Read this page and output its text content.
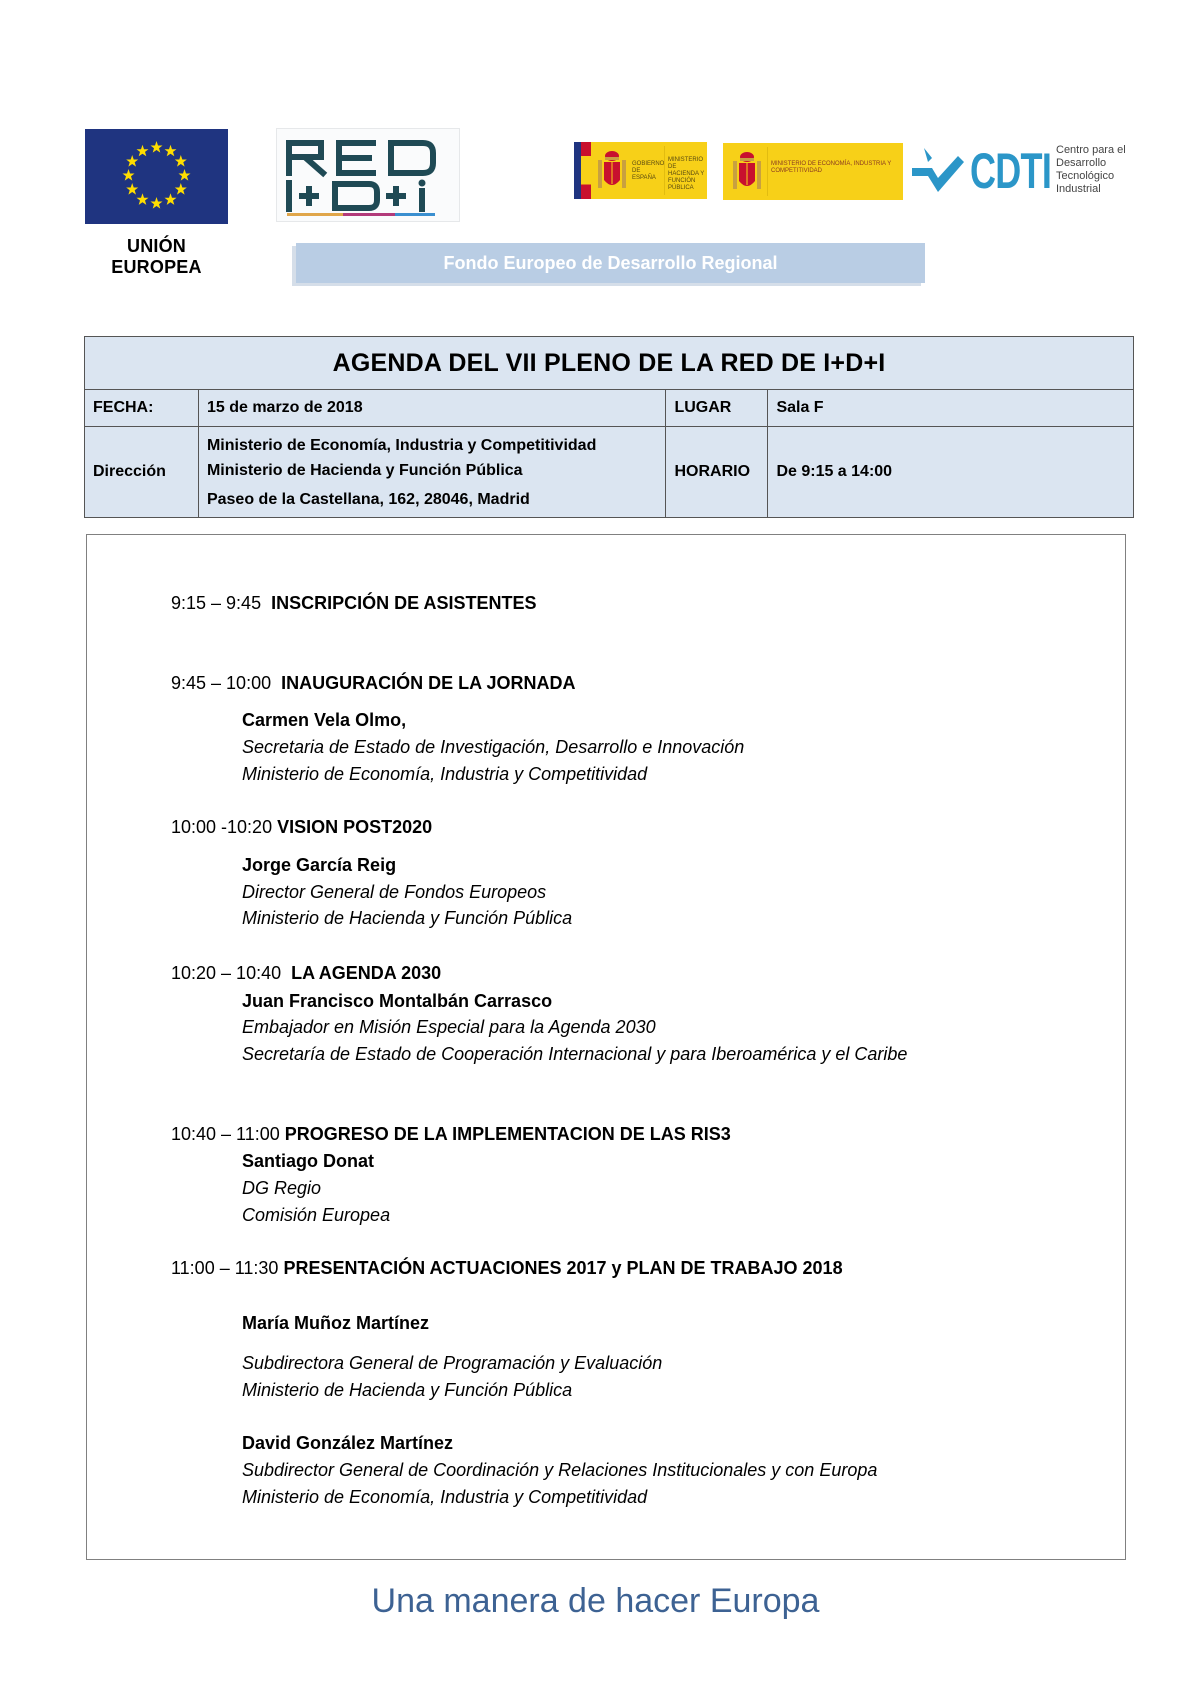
UNIÓN EUROPEA	Fondo Europeo de Desarrollo Regional
GOBIERNO DE ESPAÑA
MINISTERIO DE HACIENDA Y FUNCIÓN PÚBLICA
MINISTERIO DE ECONOMÍA, INDUSTRIA Y COMPETITIVIDAD	CDTI Centro para el
Desarrollo
Tecnológico
Industrial
AGENDA DEL VII PLENO DE LA RED DE I+D+I			
FECHA:	15 de marzo de 2018	LUGAR	Sala F
Dirección	Ministerio de Economía, Industria y Competitividad
Ministerio de Hacienda y Función Pública
Paseo de la Castellana, 162, 28046, Madrid	HORARIO	De 9:15 a 14:00
9:15 – 9:45 INSCRIPCIÓN DE ASISTENTES
9:45 – 10:00 INAUGURACIÓN DE LA JORNADA
Carmen Vela Olmo,
Secretaria de Estado de Investigación, Desarrollo e Innovación
Ministerio de Economía, Industria y Competitividad
10:00 -10:20 VISION POST2020
Jorge García Reig
Director General de Fondos Europeos
Ministerio de Hacienda y Función Pública
10:20 – 10:40 LA AGENDA 2030
Juan Francisco Montalbán Carrasco
Embajador en Misión Especial para la Agenda 2030
Secretaría de Estado de Cooperación Internacional y para Iberoamérica y el Caribe
10:40 – 11:00 PROGRESO DE LA IMPLEMENTACION DE LAS RIS3
Santiago Donat
DG Regio
Comisión Europea
11:00 – 11:30 PRESENTACIÓN ACTUACIONES 2017 y PLAN DE TRABAJO 2018
María Muñoz Martínez
Subdirectora General de Programación y Evaluación
Ministerio de Hacienda y Función Pública
David González Martínez
Subdirector General de Coordinación y Relaciones Institucionales y con Europa
Ministerio de Economía, Industria y Competitividad
Una manera de hacer Europa
